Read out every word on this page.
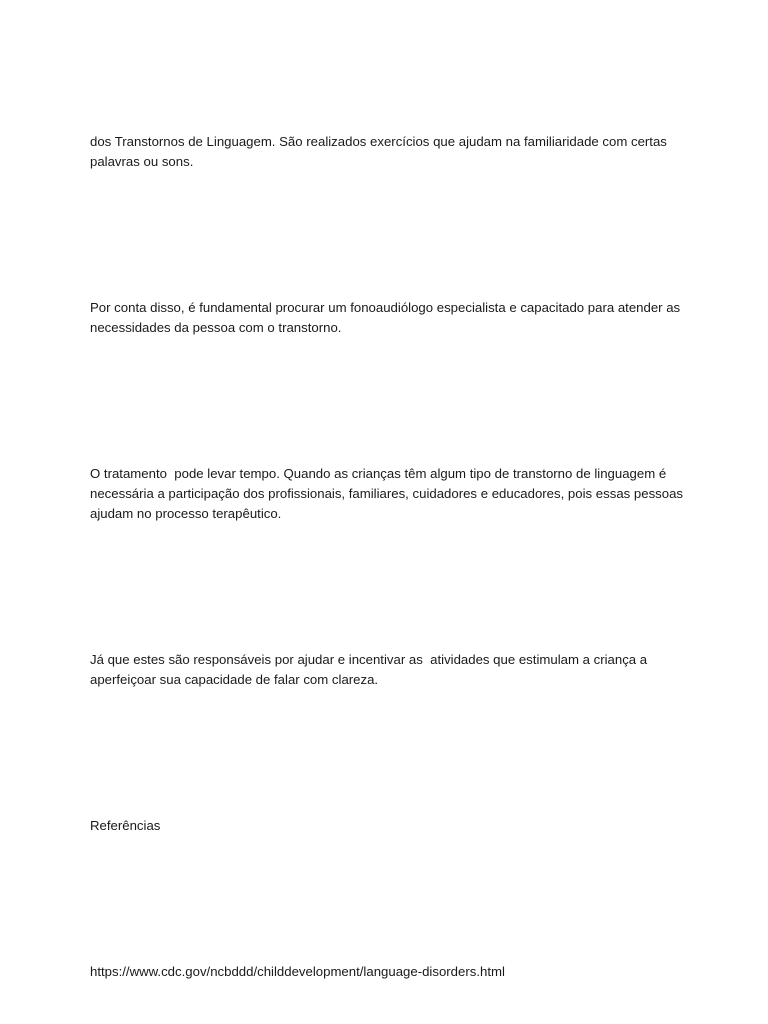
dos Transtornos de Linguagem. São realizados exercícios que ajudam na familiaridade com certas
palavras ou sons.

Por conta disso, é fundamental procurar um fonoaudiólogo especialista e capacitado para atender as
necessidades da pessoa com o transtorno.

O tratamento  pode levar tempo. Quando as crianças têm algum tipo de transtorno de linguagem é
necessária a participação dos profissionais, familiares, cuidadores e educadores, pois essas pessoas
ajudam no processo terapêutico.

Já que estes são responsáveis por ajudar e incentivar as  atividades que estimulam a criança a
aperfeiçoar sua capacidade de falar com clareza.

Referências

https://www.cdc.gov/ncbddd/childdevelopment/language-disorders.html
